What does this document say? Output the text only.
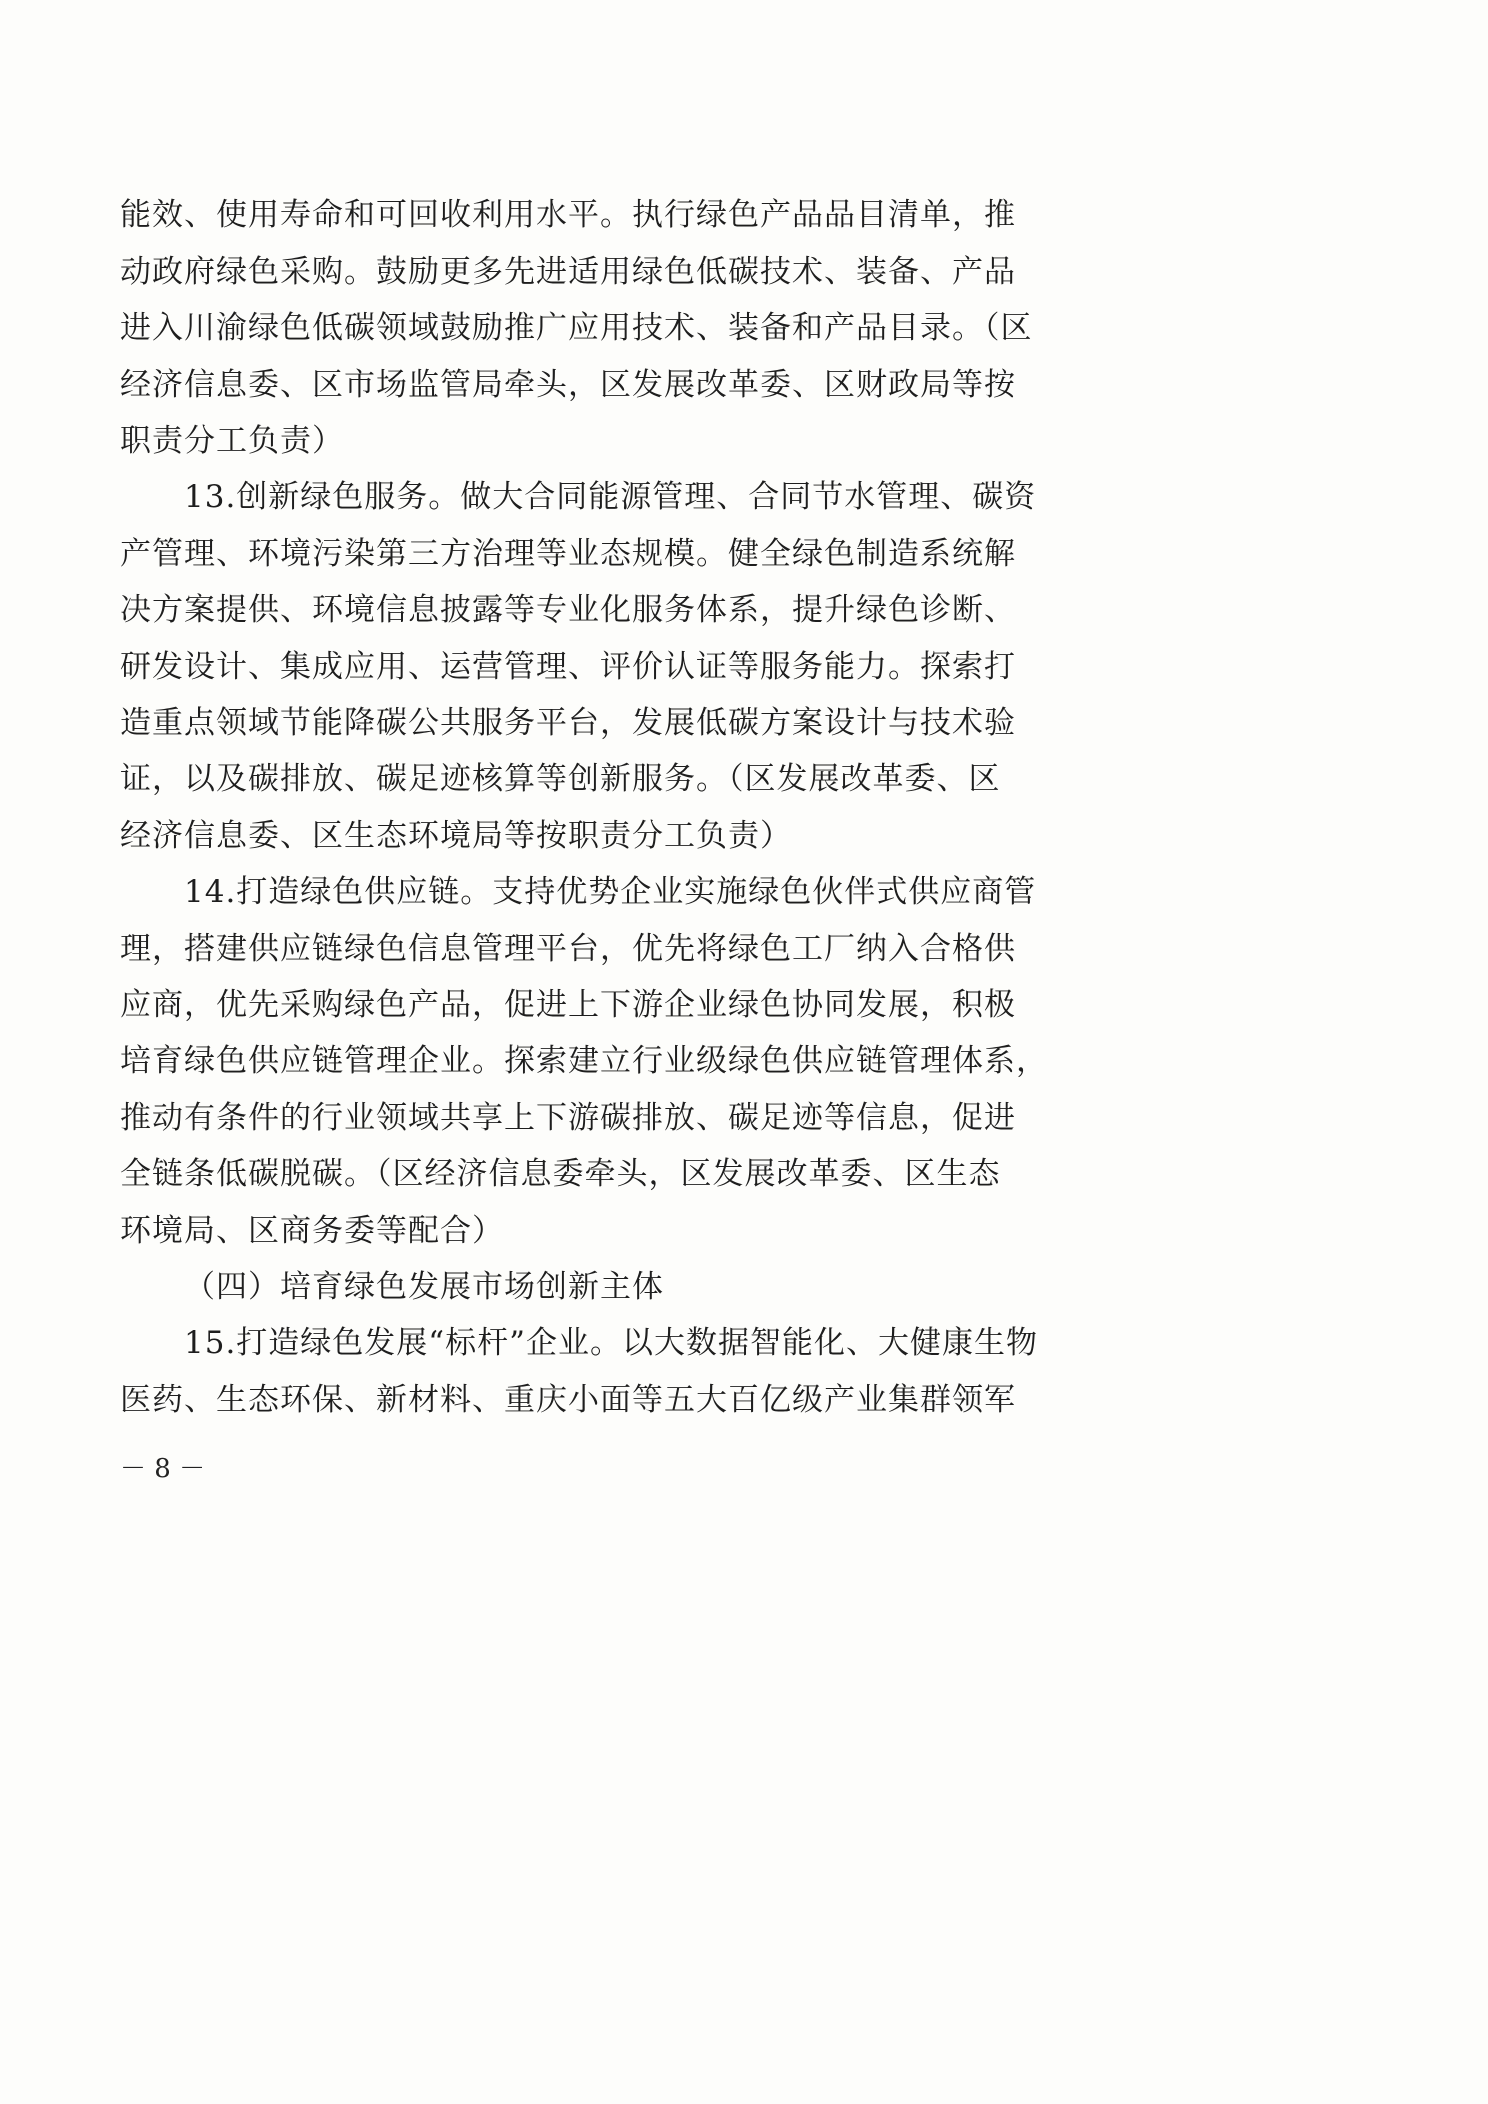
能效、使用寿命和可回收利用水平。执行绿色产品品目清单，推
动政府绿色采购。鼓励更多先进适用绿色低碳技术、装备、产品
进入川渝绿色低碳领域鼓励推广应用技术、装备和产品目录。（区
经济信息委、区市场监管局牵头，区发展改革委、区财政局等按
职责分工负责）
13.创新绿色服务。做大合同能源管理、合同节水管理、碳资
产管理、环境污染第三方治理等业态规模。健全绿色制造系统解
决方案提供、环境信息披露等专业化服务体系，提升绿色诊断、
研发设计、集成应用、运营管理、评价认证等服务能力。探索打
造重点领域节能降碳公共服务平台，发展低碳方案设计与技术验
证，以及碳排放、碳足迹核算等创新服务。（区发展改革委、区
经济信息委、区生态环境局等按职责分工负责）
14.打造绿色供应链。支持优势企业实施绿色伙伴式供应商管
理，搭建供应链绿色信息管理平台，优先将绿色工厂纳入合格供
应商，优先采购绿色产品，促进上下游企业绿色协同发展，积极
培育绿色供应链管理企业。探索建立行业级绿色供应链管理体系，
推动有条件的行业领域共享上下游碳排放、碳足迹等信息，促进
全链条低碳脱碳。（区经济信息委牵头，区发展改革委、区生态
环境局、区商务委等配合）
（四）培育绿色发展市场创新主体
15.打造绿色发展“标杆”企业。以大数据智能化、大健康生物
医药、生态环保、新材料、重庆小面等五大百亿级产业集群领军
－ 8 －
